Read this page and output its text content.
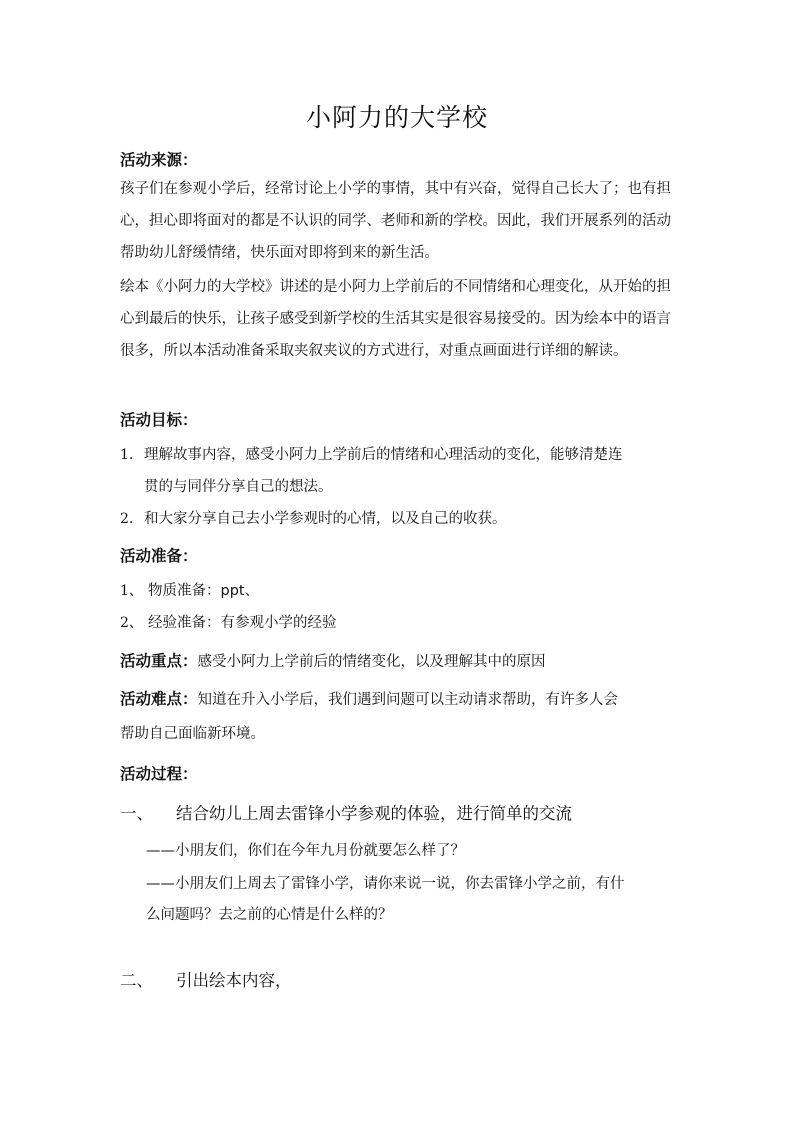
小阿力的大学校
活动来源：
孩子们在参观小学后，经常讨论上小学的事情，其中有兴奋，觉得自己长大了；也有担心，担心即将面对的都是不认识的同学、老师和新的学校。因此，我们开展系列的活动帮助幼儿舒缓情绪，快乐面对即将到来的新生活。
绘本《小阿力的大学校》讲述的是小阿力上学前后的不同情绪和心理变化，从开始的担心到最后的快乐，让孩子感受到新学校的生活其实是很容易接受的。因为绘本中的语言很多，所以本活动准备采取夹叙夹议的方式进行，对重点画面进行详细的解读。
活动目标：
1. 理解故事内容，感受小阿力上学前后的情绪和心理活动的变化，能够清楚连
贯的与同伴分享自己的想法。
2. 和大家分享自己去小学参观时的心情，以及自己的收获。
活动准备：
1、 物质准备：ppt、
2、 经验准备：有参观小学的经验
活动重点：感受小阿力上学前后的情绪变化，以及理解其中的原因
活动难点：知道在升入小学后，我们遇到问题可以主动请求帮助，有许多人会
帮助自己面临新环境。
活动过程：
一、 结合幼儿上周去雷锋小学参观的体验，进行简单的交流
——小朋友们，你们在今年九月份就要怎么样了？
——小朋友们上周去了雷锋小学，请你来说一说，你去雷锋小学之前，有什
么问题吗？去之前的心情是什么样的？
二、 引出绘本内容，
